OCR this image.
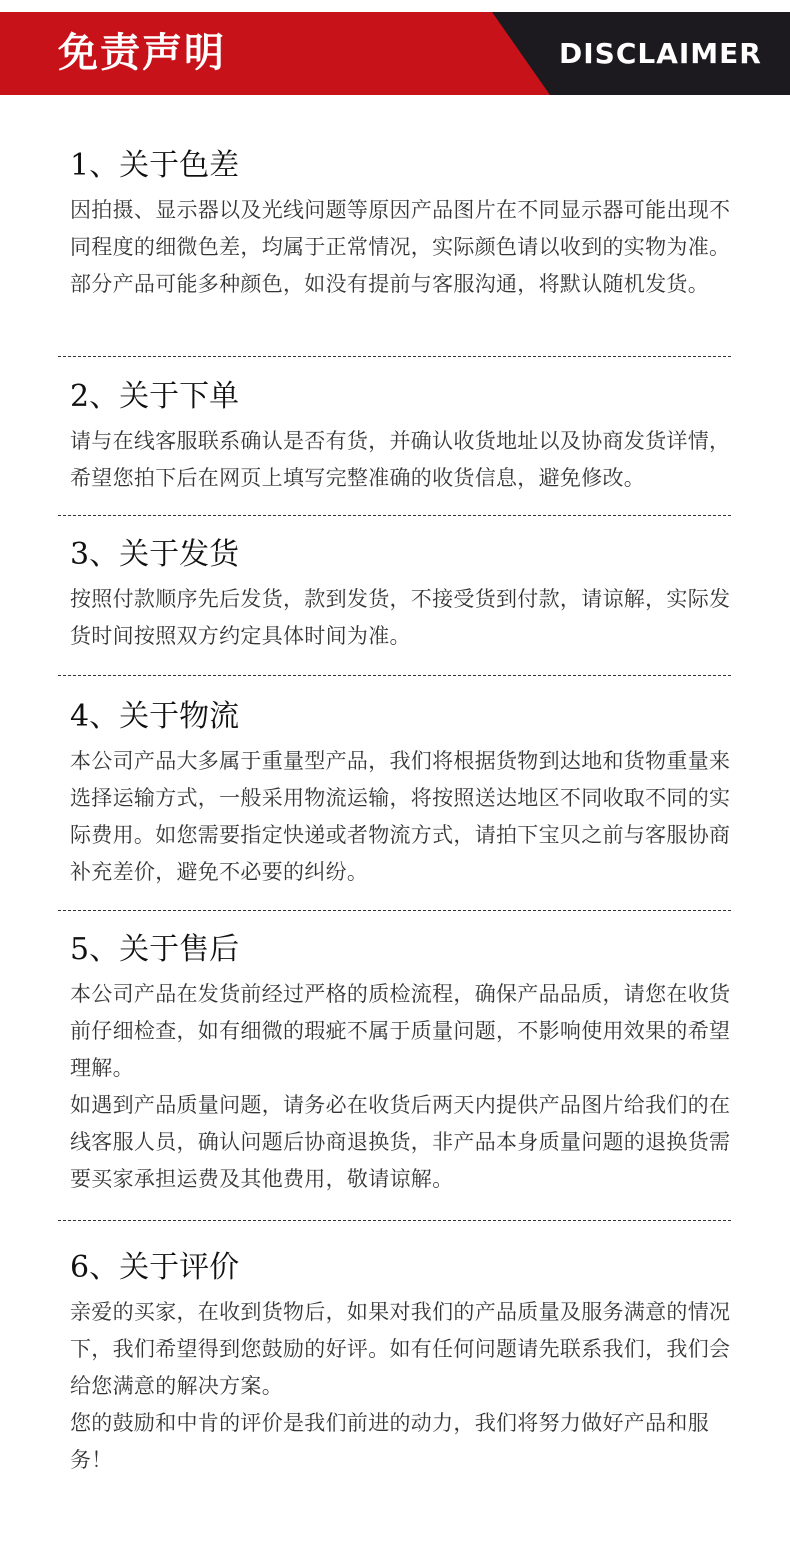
免责声明	DISCLAIMER
1、关于色差

因拍摄、显示器以及光线问题等原因产品图片在不同显示器可能出现不同程度的细微色差，均属于正常情况，实际颜色请以收到的实物为准。部分产品可能多种颜色，如没有提前与客服沟通，将默认随机发货。

2、关于下单

请与在线客服联系确认是否有货，并确认收货地址以及协商发货详情，希望您拍下后在网页上填写完整准确的收货信息，避免修改。

3、关于发货

按照付款顺序先后发货，款到发货，不接受货到付款，请谅解，实际发货时间按照双方约定具体时间为准。

4、关于物流

本公司产品大多属于重量型产品，我们将根据货物到达地和货物重量来选择运输方式，一般采用物流运输，将按照送达地区不同收取不同的实际费用。如您需要指定快递或者物流方式，请拍下宝贝之前与客服协商补充差价，避免不必要的纠纷。

5、关于售后

本公司产品在发货前经过严格的质检流程，确保产品品质，请您在收货前仔细检查，如有细微的瑕疵不属于质量问题，不影响使用效果的希望理解。

如遇到产品质量问题，请务必在收货后两天内提供产品图片给我们的在线客服人员，确认问题后协商退换货，非产品本身质量问题的退换货需要买家承担运费及其他费用，敬请谅解。

6、关于评价

亲爱的买家，在收到货物后，如果对我们的产品质量及服务满意的情况下，我们希望得到您鼓励的好评。如有任何问题请先联系我们，我们会给您满意的解决方案。

您的鼓励和中肯的评价是我们前进的动力，我们将努力做好产品和服务！
